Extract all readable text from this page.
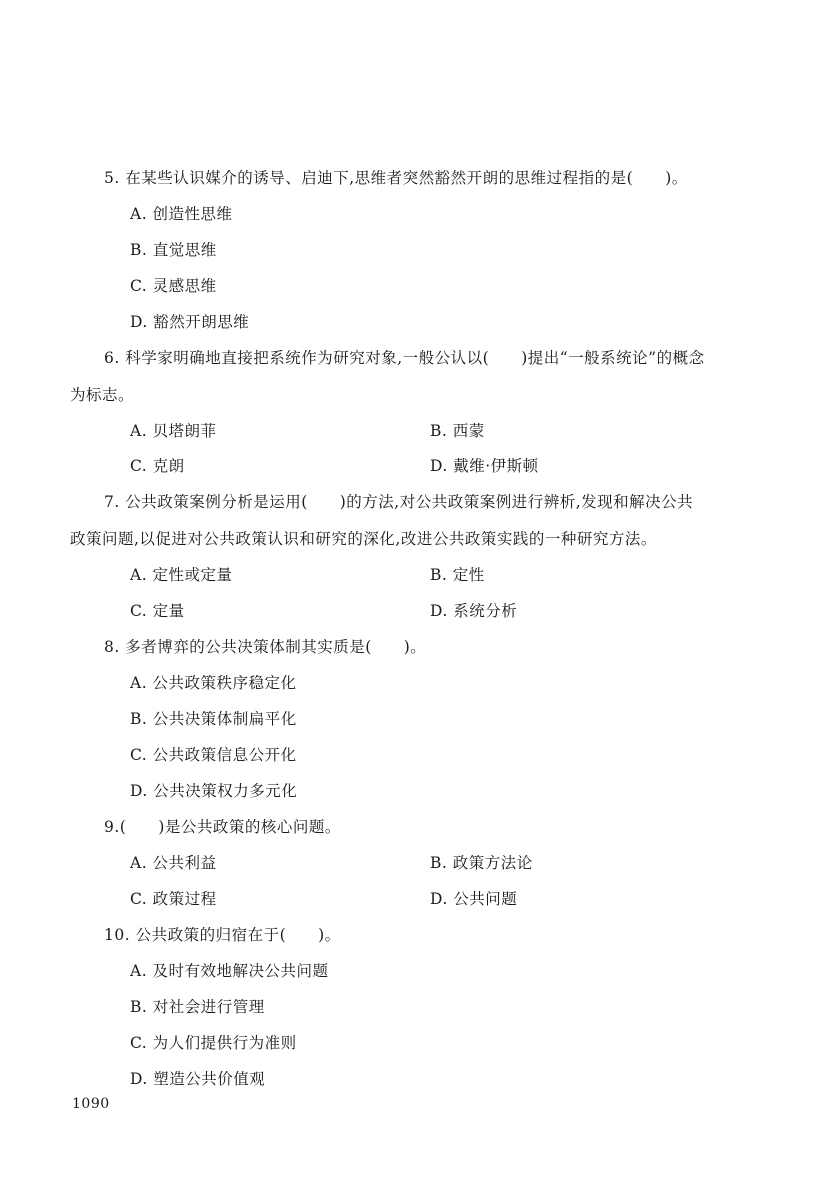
5. 在某些认识媒介的诱导、启迪下,思维者突然豁然开朗的思维过程指的是(　　)。
A. 创造性思维
B. 直觉思维
C. 灵感思维
D. 豁然开朗思维
6. 科学家明确地直接把系统作为研究对象,一般公认以(　　)提出“一般系统论”的概念
为标志。
A. 贝塔朗菲	B. 西蒙
C. 克朗	D. 戴维·伊斯顿
7. 公共政策案例分析是运用(　　)的方法,对公共政策案例进行辨析,发现和解决公共
政策问题,以促进对公共政策认识和研究的深化,改进公共政策实践的一种研究方法。
A. 定性或定量	B. 定性
C. 定量	D. 系统分析
8. 多者博弈的公共决策体制其实质是(　　)。
A. 公共政策秩序稳定化
B. 公共决策体制扁平化
C. 公共政策信息公开化
D. 公共决策权力多元化
9.(　　)是公共政策的核心问题。
A. 公共利益	B. 政策方法论
C. 政策过程	D. 公共问题
10. 公共政策的归宿在于(　　)。
A. 及时有效地解决公共问题
B. 对社会进行管理
C. 为人们提供行为准则
D. 塑造公共价值观
1090
